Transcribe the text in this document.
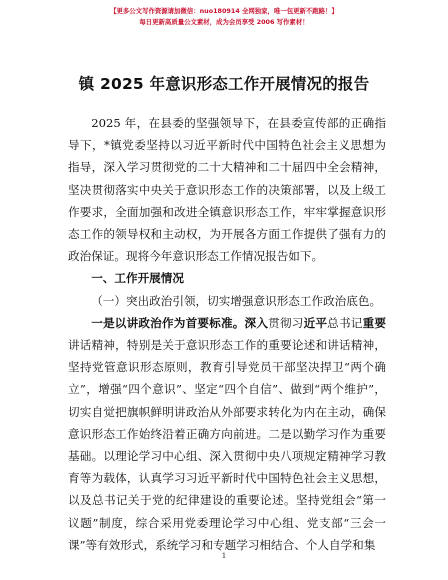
【更多公文写作资源请加微信：nuo180914 全网独家，唯一包更新不跑路！】
每日更新高质量公文素材，成为会员享受 2006 写作素材！
镇 2025 年意识形态工作开展情况的报告

2025 年，在县委的坚强领导下，在县委宣传部的正确指导下，*镇党委坚持以习近平新时代中国特色社会主义思想为指导，深入学习贯彻党的二十大精神和二十届四中全会精神，坚决贯彻落实中央关于意识形态工作的决策部署，以及上级工作要求，全面加强和改进全镇意识形态工作，牢牢掌握意识形态工作的领导权和主动权，为开展各方面工作提供了强有力的政治保证。现将今年意识形态工作情况报告如下。

一、工作开展情况

（一）突出政治引领，切实增强意识形态工作政治底色。

一是以讲政治作为首要标准。深入贯彻习近平总书记重要讲话精神，特别是关于意识形态工作的重要论述和讲话精神，坚持党管意识形态原则，教育引导党员干部坚决捍卫“两个确立”，增强“四个意识”、坚定“四个自信”、做到“两个维护”，切实自觉把旗帜鲜明讲政治从外部要求转化为内在主动，确保意识形态工作始终沿着正确方向前进。二是以勤学习作为重要基础。以理论学习中心组、深入贯彻中央八项规定精神学习教育等为载体，认真学习习近平新时代中国特色社会主义思想，以及总书记关于党的纪律建设的重要论述。坚持党组会“第一议题”制度，综合采用党委理论学习中心组、党支部“三会一课”等有效形式，系统学习和专题学习相结合、个人自学和集

1
